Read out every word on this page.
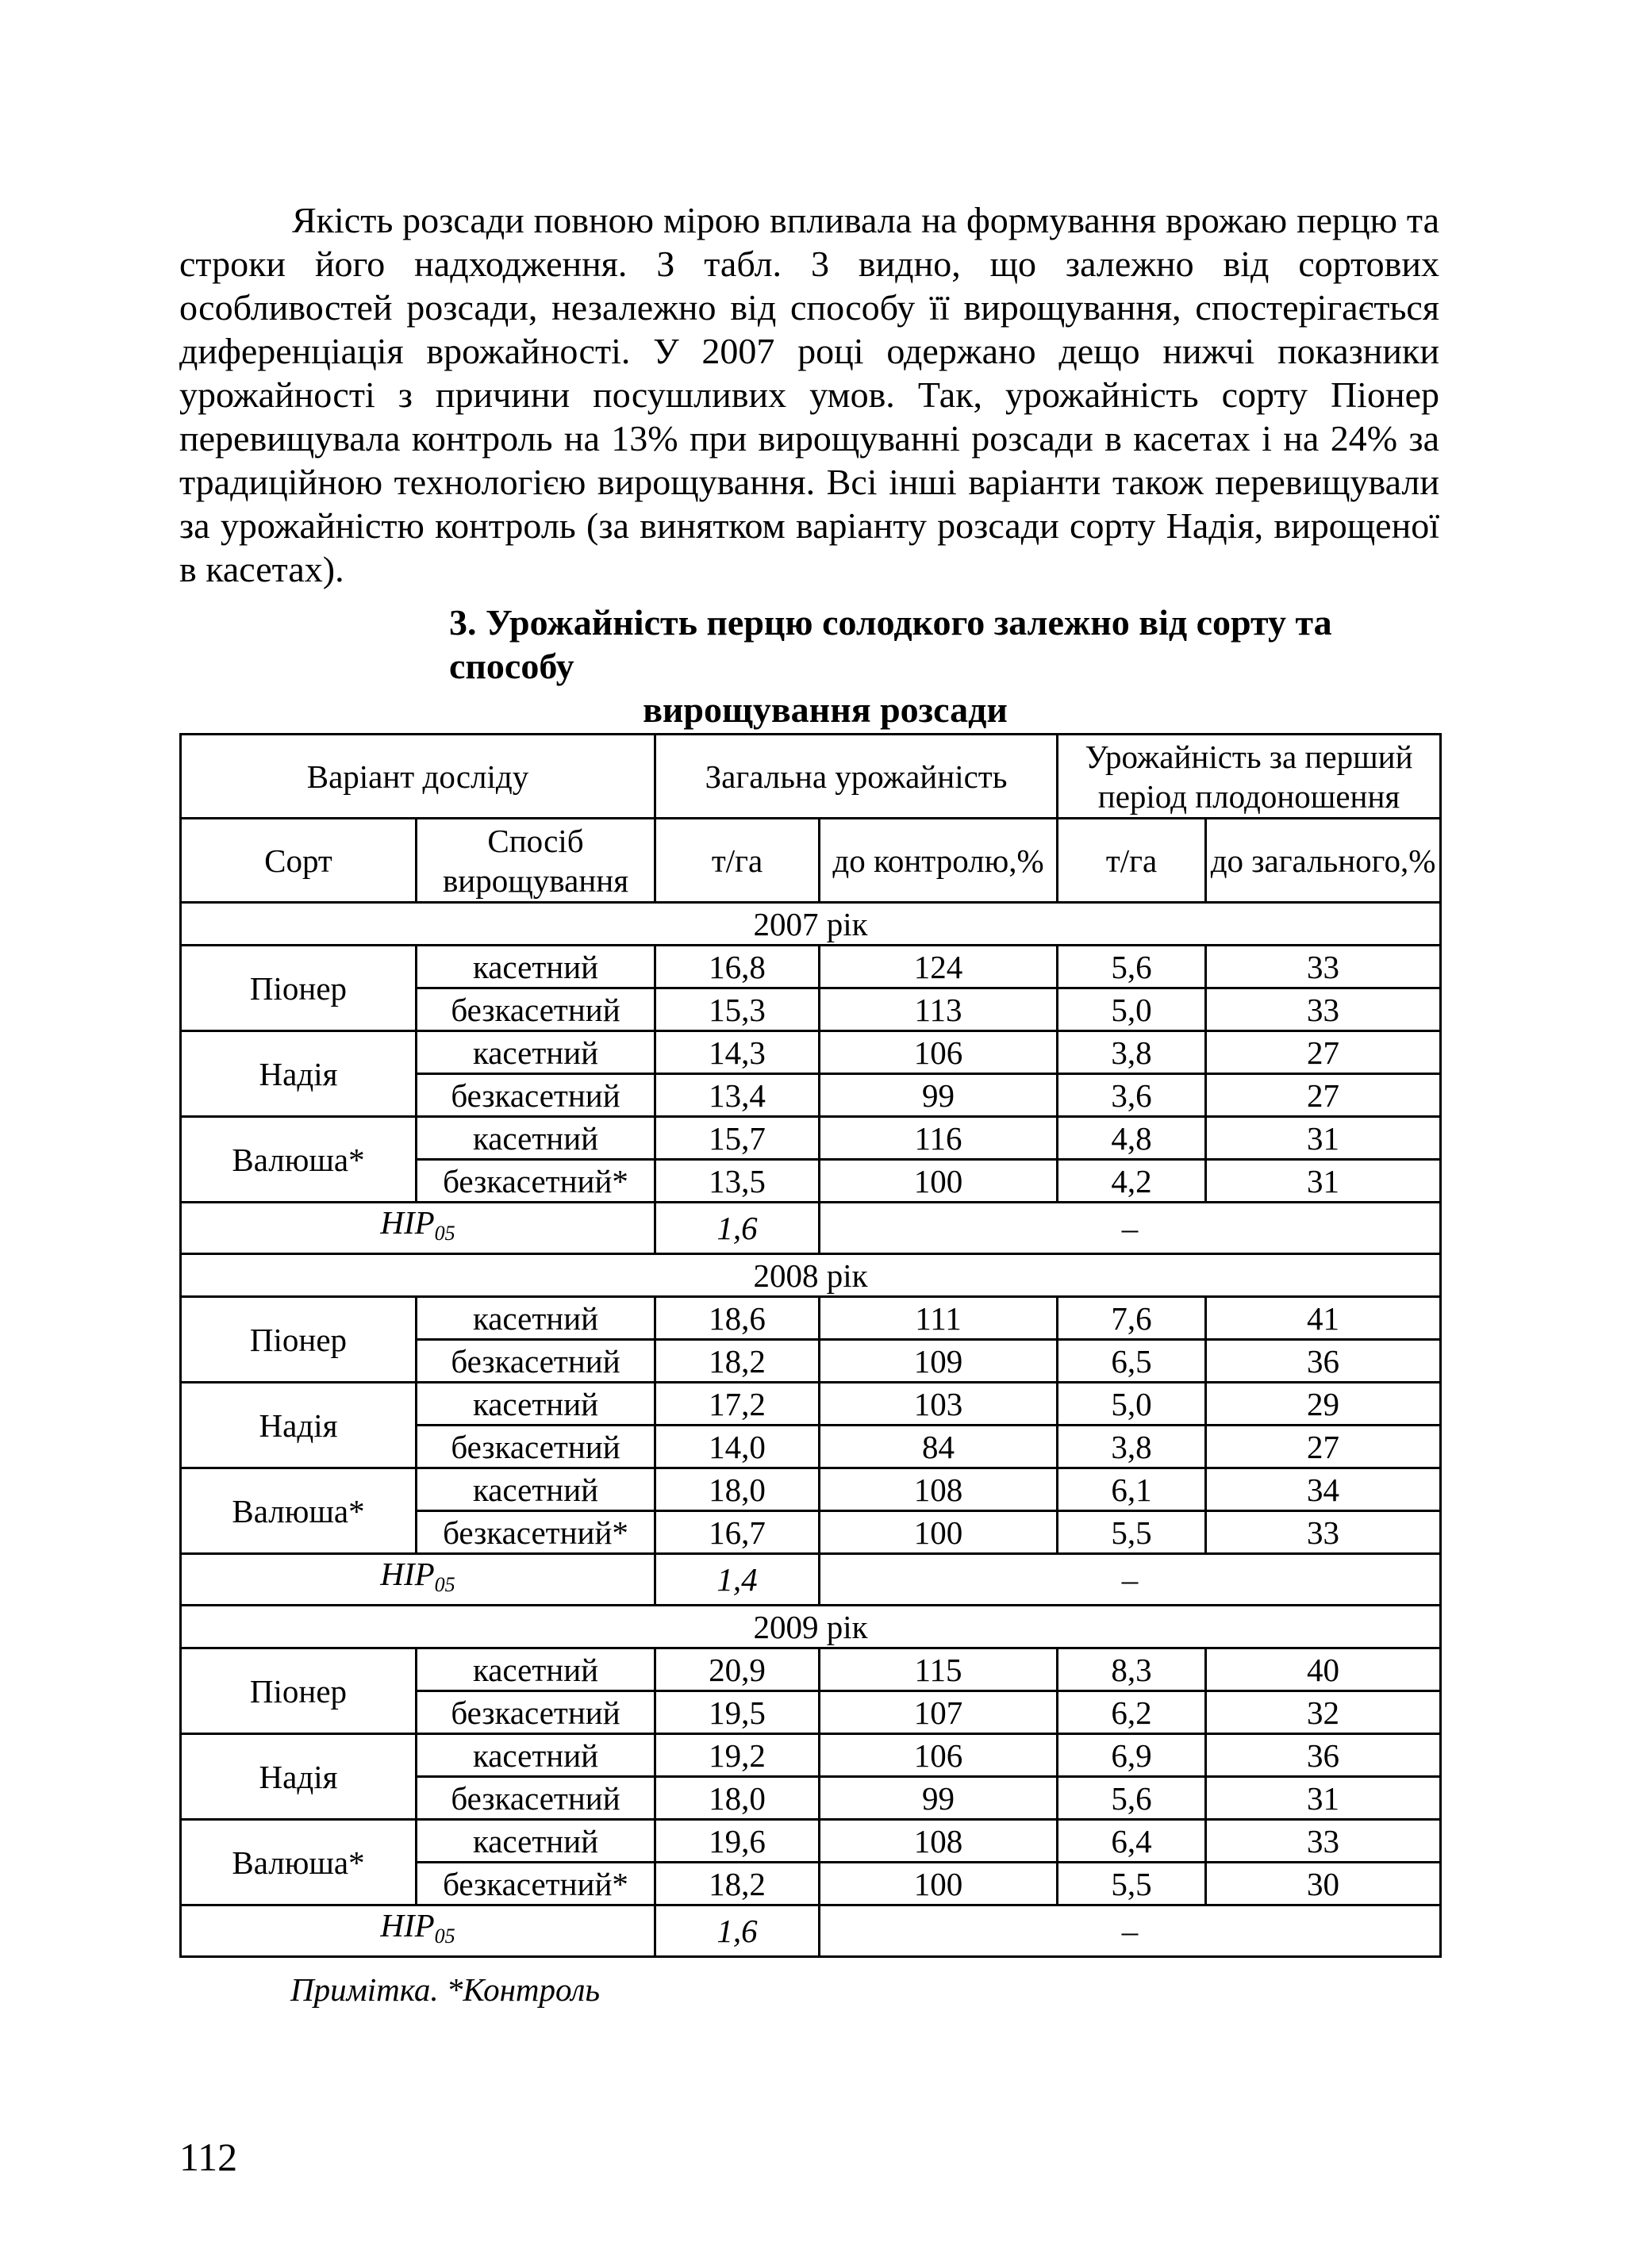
Якість розсади повною мірою впливала на формування врожаю перцю та строки його надходження. З табл. 3 видно, що залежно від сортових особливостей розсади, незалежно від способу її вирощування, спостерігається диференціація врожайності. У 2007 році одержано дещо нижчі показники урожайності з причини посушливих умов. Так, урожайність сорту Піонер перевищувала контроль на 13% при вирощуванні розсади в касетах і на 24% за традиційною технологією вирощування. Всі інші варіанти також перевищували за урожайністю контроль (за винятком варіанту розсади сорту Надія, вирощеної в касетах).

3. Урожайність перцю солодкого залежно від сорту та способу
вирощування розсади
Варіант досліду		Загальна урожайність		Урожайність за перший період плодоношення	
Сорт	Спосіб вирощування	т/га	до контролю,%	т/га	до загального,%
2007 рік					
Піонер	касетний	16,8	124	5,6	33
	безкасетний	15,3	113	5,0	33
Надія	касетний	14,3	106	3,8	27
	безкасетний	13,4	99	3,6	27
Валюша*	касетний	15,7	116	4,8	31
	безкасетний*	13,5	100	4,2	31
$НІР_{05}$		1,6	–		
2008 рік					
Піонер	касетний	18,6	111	7,6	41
	безкасетний	18,2	109	6,5	36
Надія	касетний	17,2	103	5,0	29
	безкасетний	14,0	84	3,8	27
Валюша*	касетний	18,0	108	6,1	34
	безкасетний*	16,7	100	5,5	33
$НІР_{05}$		1,4	–		
2009 рік					
Піонер	касетний	20,9	115	8,3	40
	безкасетний	19,5	107	6,2	32
Надія	касетний	19,2	106	6,9	36
	безкасетний	18,0	99	5,6	31
Валюша*	касетний	19,6	108	6,4	33
	безкасетний*	18,2	100	5,5	30
$НІР_{05}$		1,6	–		
Примітка. *Контроль
112
